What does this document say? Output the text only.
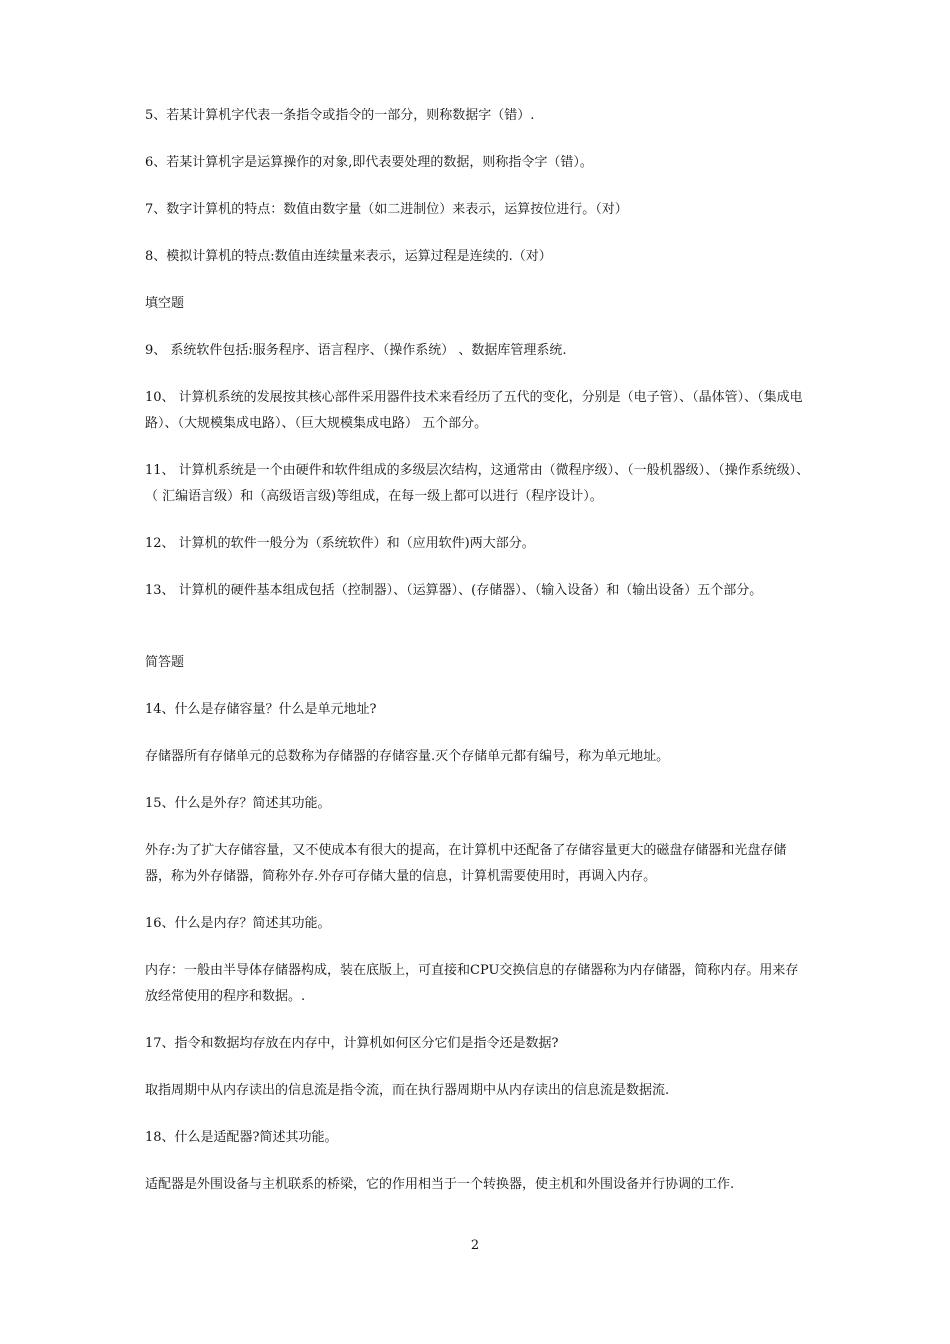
5、若某计算机字代表一条指令或指令的一部分，则称数据字（错）.

6、若某计算机字是运算操作的对象,即代表要处理的数据，则称指令字（错）。

7、数字计算机的特点：数值由数字量（如二进制位）来表示，运算按位进行。（对）

8、模拟计算机的特点:数值由连续量来表示，运算过程是连续的.（对）

填空题

9、 系统软件包括:服务程序、语言程序、（操作系统） 、数据库管理系统.

10、 计算机系统的发展按其核心部件采用器件技术来看经历了五代的变化，分别是（电子管）、（晶体管）、（集成电路）、（大规模集成电路）、（巨大规模集成电路） 五个部分。

11、 计算机系统是一个由硬件和软件组成的多级层次结构，这通常由（微程序级）、（一般机器级）、（操作系统级）、（ 汇编语言级）和（高级语言级)等组成，在每一级上都可以进行（程序设计）。

12、 计算机的软件一般分为（系统软件）和（应用软件)两大部分。

13、 计算机的硬件基本组成包括（控制器）、（运算器）、(存储器）、（输入设备）和（输出设备）五个部分。

简答题

14、什么是存储容量？什么是单元地址?

存储器所有存储单元的总数称为存储器的存储容量.灭个存储单元都有编号，称为单元地址。

15、什么是外存？简述其功能。

外存:为了扩大存储容量，又不使成本有很大的提高，在计算机中还配备了存储容量更大的磁盘存储器和光盘存储器，称为外存储器，简称外存.外存可存储大量的信息，计算机需要使用时，再调入内存。

16、什么是内存？简述其功能。

内存：一般由半导体存储器构成，装在底版上，可直接和CPU交换信息的存储器称为内存储器，简称内存。用来存放经常使用的程序和数据。.

17、指令和数据均存放在内存中，计算机如何区分它们是指令还是数据?

取指周期中从内存读出的信息流是指令流，而在执行器周期中从内存读出的信息流是数据流.

18、什么是适配器?简述其功能。

适配器是外围设备与主机联系的桥梁，它的作用相当于一个转换器，使主机和外围设备并行协调的工作.

2
